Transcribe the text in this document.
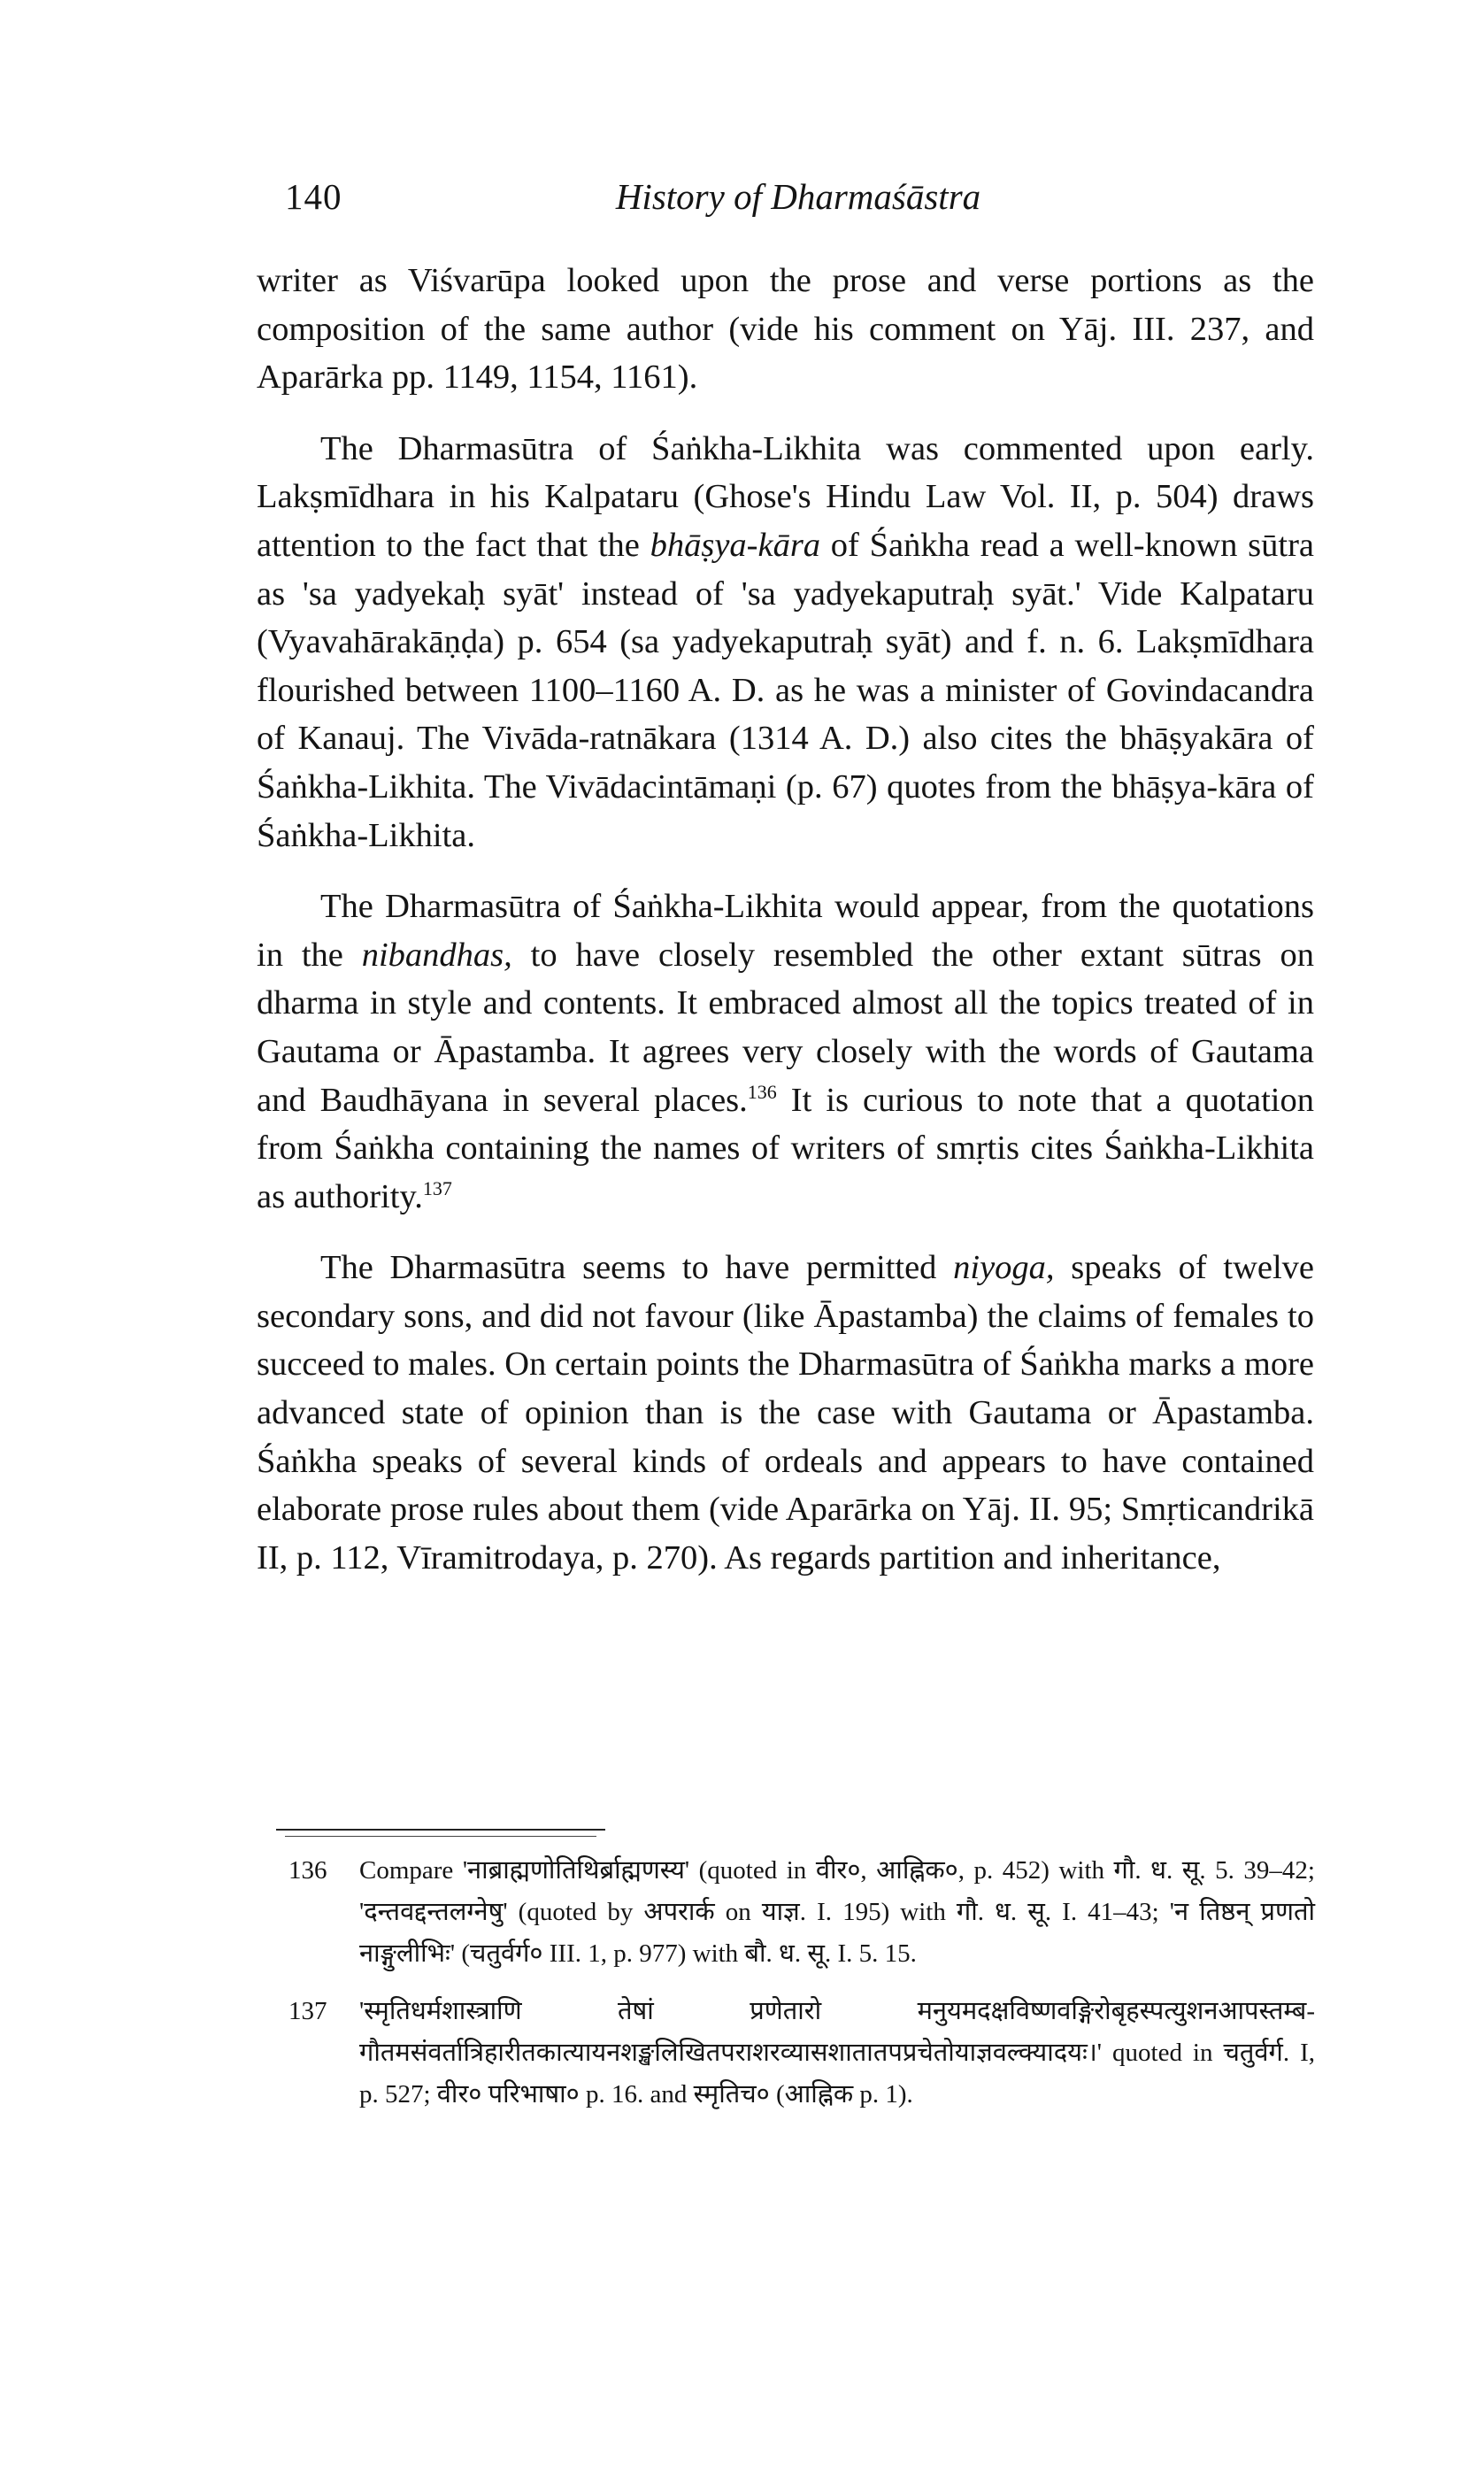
140	History of Dharmaśāstra

writer as Viśvarūpa looked upon the prose and verse portions as the composition of the same author (vide his comment on Yāj. III. 237, and Aparārka pp. 1149, 1154, 1161).

The Dharmasūtra of Śaṅkha-Likhita was commented upon early. Lakṣmīdhara in his Kalpataru (Ghose's Hindu Law Vol. II, p. 504) draws attention to the fact that the bhāṣya-kāra of Śaṅkha read a well-known sūtra as 'sa yadyekaḥ syāt' instead of 'sa yadyekaputraḥ syāt.' Vide Kalpataru (Vyavahārakāṇḍa) p. 654 (sa yadyekaputraḥ syāt) and f. n. 6. Lakṣmīdhara flourished between 1100–1160 A. D. as he was a minister of Govindacandra of Kanauj. The Vivāda-ratnākara (1314 A. D.) also cites the bhāṣyakāra of Śaṅkha-Likhita. The Vivādacintāmaṇi (p. 67) quotes from the bhāṣya-kāra of Śaṅkha-Likhita.

The Dharmasūtra of Śaṅkha-Likhita would appear, from the quotations in the nibandhas, to have closely resembled the other extant sūtras on dharma in style and contents. It embraced almost all the topics treated of in Gautama or Āpastamba. It agrees very closely with the words of Gautama and Baudhāyana in several places.$^{136}$ It is curious to note that a quotation from Śaṅkha containing the names of writers of smṛtis cites Śaṅkha-Likhita as authority.$^{137}$

The Dharmasūtra seems to have permitted niyoga, speaks of twelve secondary sons, and did not favour (like Āpastamba) the claims of females to succeed to males. On certain points the Dharmasūtra of Śaṅkha marks a more advanced state of opinion than is the case with Gautama or Āpastamba. Śaṅkha speaks of several kinds of ordeals and appears to have contained elaborate prose rules about them (vide Aparārka on Yāj. II. 95; Smṛticandrikā II, p. 112, Vīramitrodaya, p. 270). As regards partition and inheritance,

136 Compare 'नाब्राह्मणोतिथिर्ब्राह्मणस्य' (quoted in वीर०, आह्निक०, p. 452) with गौ. ध. सू. 5. 39–42; 'दन्तवद्दन्तलग्नेषु' (quoted by अपरार्क on याज्ञ. I. 195) with गौ. ध. सू. I. 41–43; 'न तिष्ठन् प्रणतो नाङ्गुलीभिः' (चतुर्वर्ग० III. 1, p. 977) with बौ. ध. सू. I. 5. 15.

137 'स्मृतिधर्मशास्त्राणि तेषां प्रणेतारो मनुयमदक्षविष्णवङ्गिरोबृहस्पत्युशनआपस्तम्ब-गौतमसंवर्तात्रिहारीतकात्यायनशङ्खलिखितपराशरव्यासशातातपप्रचेतोयाज्ञवल्क्यादयः।' quoted in चतुर्वर्ग. I, p. 527; वीर० परिभाषा० p. 16. and स्मृतिच० (आह्निक p. 1).
